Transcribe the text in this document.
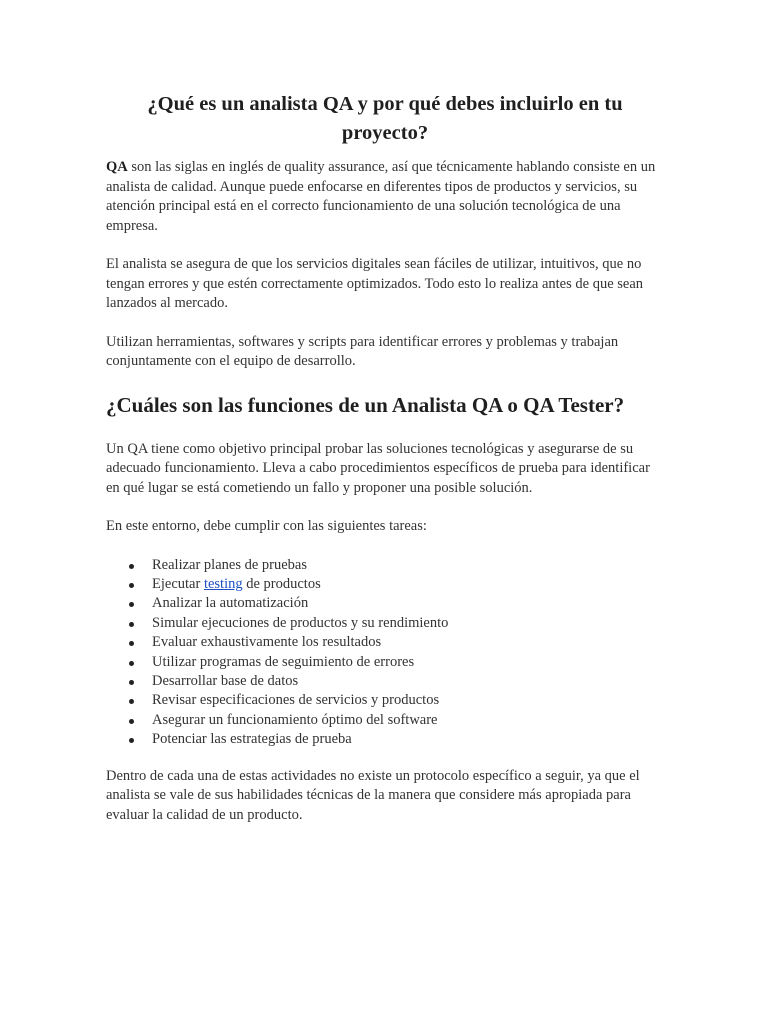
¿Qué es un analista QA y por qué debes incluirlo en tu proyecto?

QA son las siglas en inglés de quality assurance, así que técnicamente hablando consiste en un analista de calidad. Aunque puede enfocarse en diferentes tipos de productos y servicios, su atención principal está en el correcto funcionamiento de una solución tecnológica de una empresa.

El analista se asegura de que los servicios digitales sean fáciles de utilizar, intuitivos, que no tengan errores y que estén correctamente optimizados. Todo esto lo realiza antes de que sean lanzados al mercado.

Utilizan herramientas, softwares y scripts para identificar errores y problemas y trabajan conjuntamente con el equipo de desarrollo.

¿Cuáles son las funciones de un Analista QA o QA Tester?

Un QA tiene como objetivo principal probar las soluciones tecnológicas y asegurarse de su adecuado funcionamiento. Lleva a cabo procedimientos específicos de prueba para identificar en qué lugar se está cometiendo un fallo y proponer una posible solución.

En este entorno, debe cumplir con las siguientes tareas:

Realizar planes de pruebas
Ejecutar testing de productos
Analizar la automatización
Simular ejecuciones de productos y su rendimiento
Evaluar exhaustivamente los resultados
Utilizar programas de seguimiento de errores
Desarrollar base de datos
Revisar especificaciones de servicios y productos
Asegurar un funcionamiento óptimo del software
Potenciar las estrategias de prueba

Dentro de cada una de estas actividades no existe un protocolo específico a seguir, ya que el analista se vale de sus habilidades técnicas de la manera que considere más apropiada para evaluar la calidad de un producto.
